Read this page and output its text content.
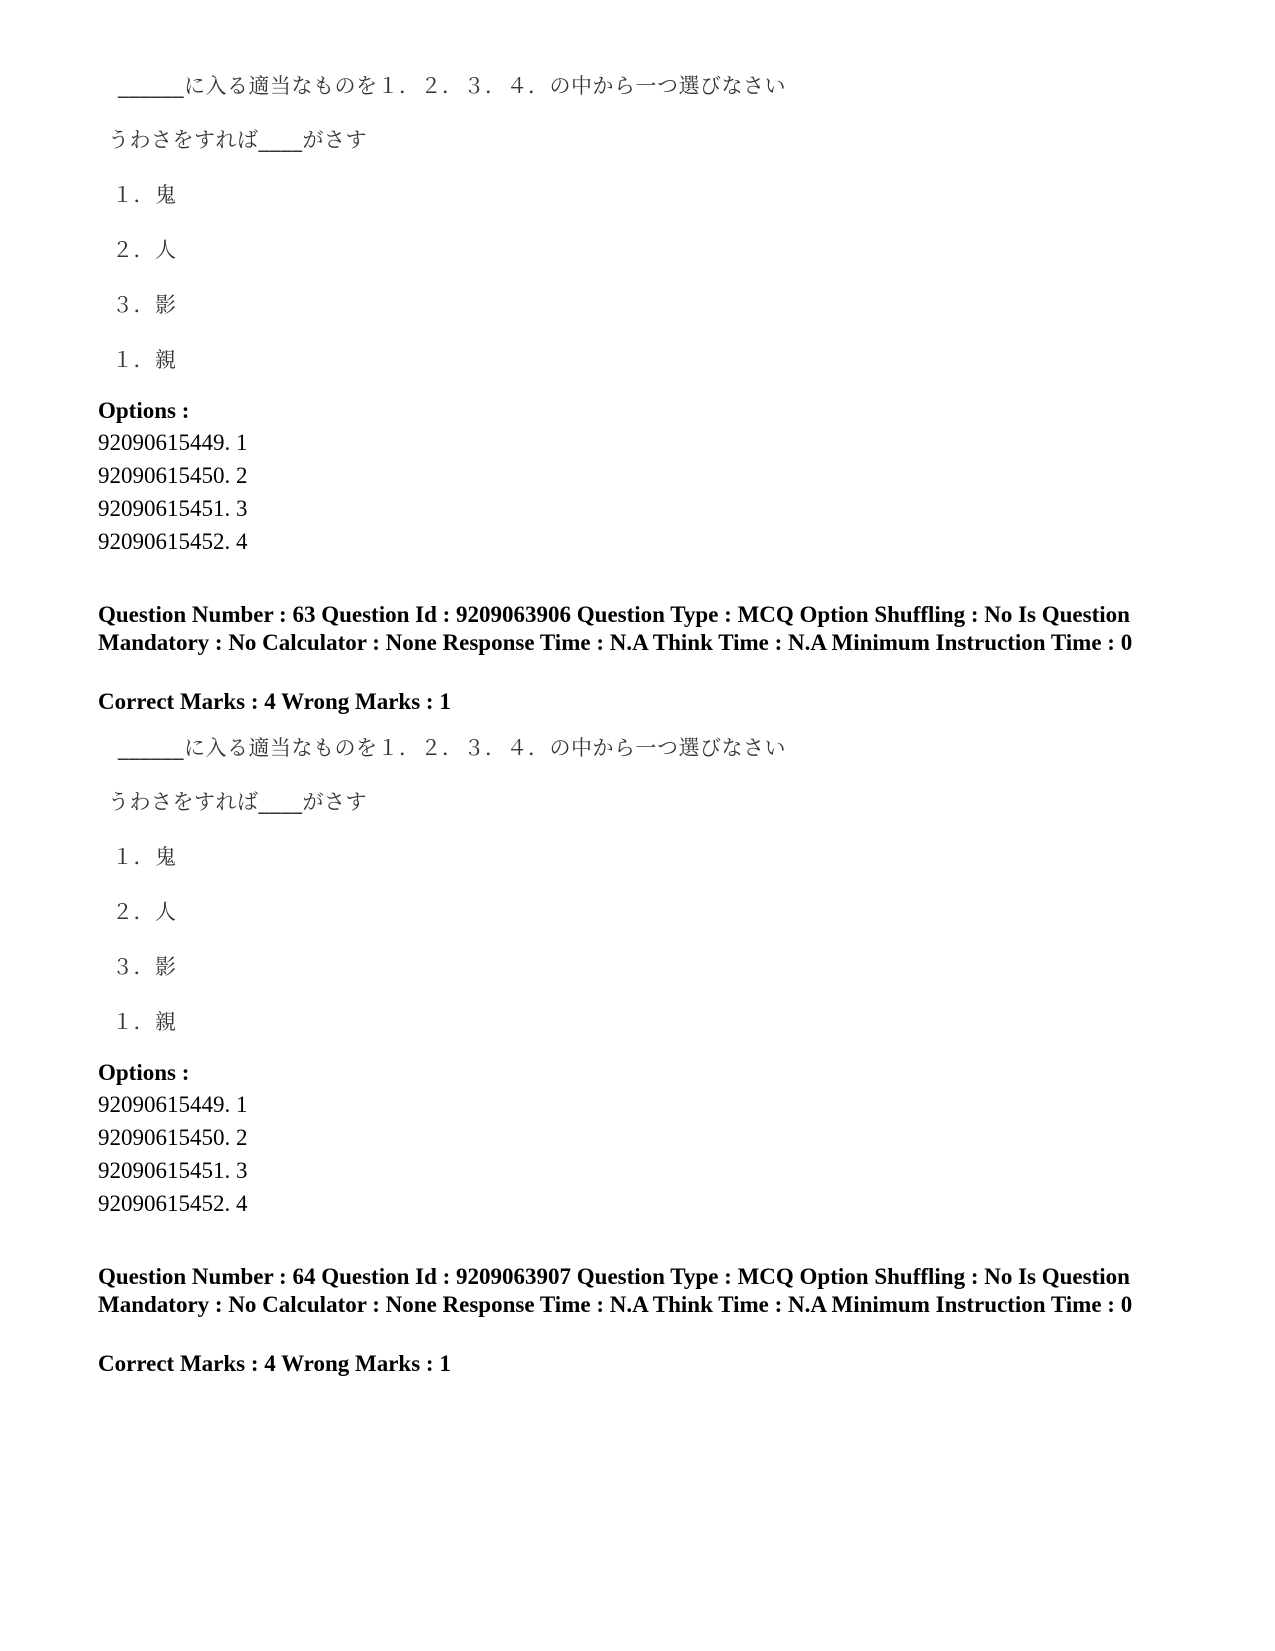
______に入る適当なものを１．２．３．４．の中から一つ選びなさい
うわさをすれば____がさす
１．鬼
２．人
３．影
１．親
Options :
92090615449. 1
92090615450. 2
92090615451. 3
92090615452. 4
Question Number : 63 Question Id : 9209063906 Question Type : MCQ Option Shuffling : No Is Question Mandatory : No Calculator : None Response Time : N.A Think Time : N.A Minimum Instruction Time : 0
Correct Marks : 4 Wrong Marks : 1
______に入る適当なものを１．２．３．４．の中から一つ選びなさい
うわさをすれば____がさす
１．鬼
２．人
３．影
１．親
Options :
92090615449. 1
92090615450. 2
92090615451. 3
92090615452. 4
Question Number : 64 Question Id : 9209063907 Question Type : MCQ Option Shuffling : No Is Question Mandatory : No Calculator : None Response Time : N.A Think Time : N.A Minimum Instruction Time : 0
Correct Marks : 4 Wrong Marks : 1
